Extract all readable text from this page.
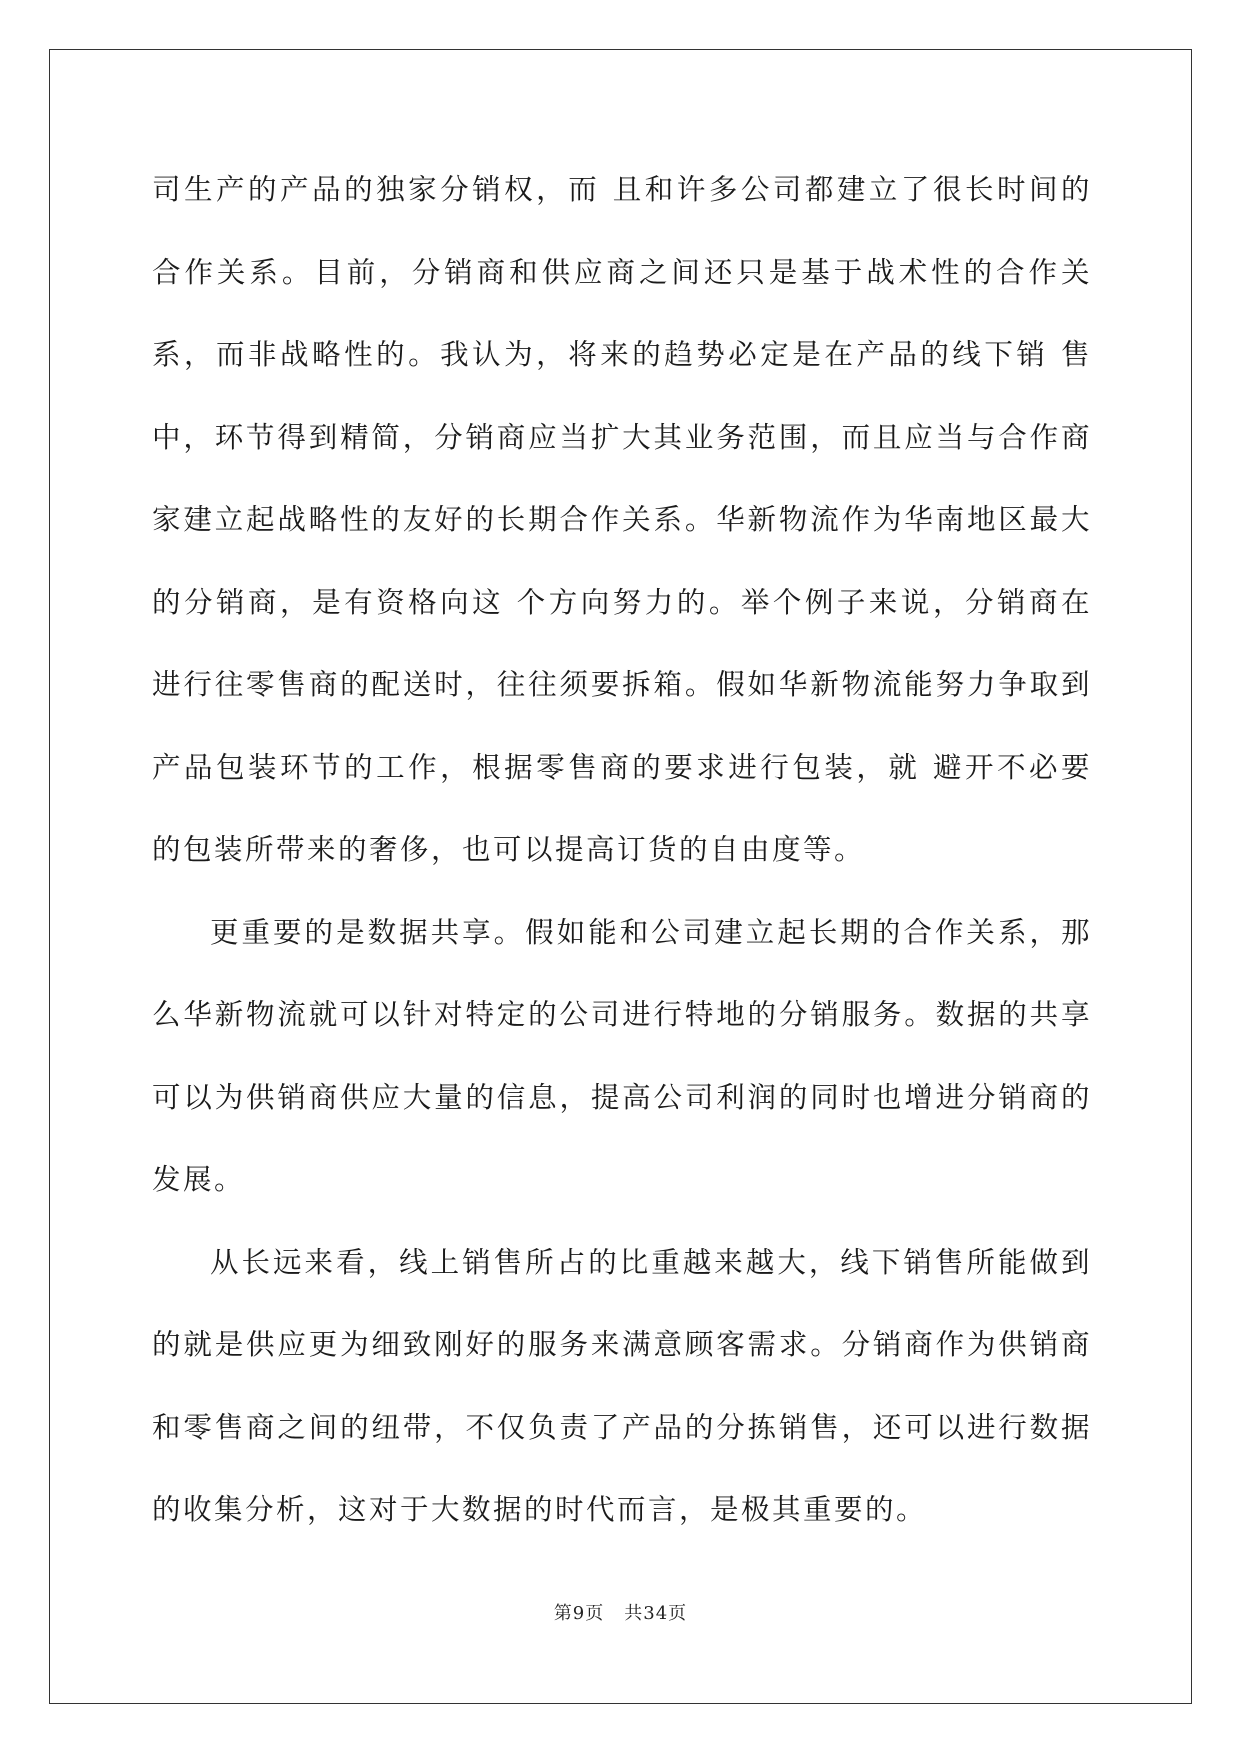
司生产的产品的独家分销权，而 且和许多公司都建立了很长时间的合作关系。目前，分销商和供应商之间还只是基于战术性的合作关系，而非战略性的。我认为，将来的趋势必定是在产品的线下销 售中，环节得到精简，分销商应当扩大其业务范围，而且应当与合作商家建立起战略性的友好的长期合作关系。华新物流作为华南地区最大的分销商，是有资格向这 个方向努力的。举个例子来说，分销商在进行往零售商的配送时，往往须要拆箱。假如华新物流能努力争取到产品包装环节的工作，根据零售商的要求进行包装，就 避开不必要的包装所带来的奢侈，也可以提高订货的自由度等。

更重要的是数据共享。假如能和公司建立起长期的合作关系，那么华新物流就可以针对特定的公司进行特地的分销服务。数据的共享可以为供销商供应大量的信息，提高公司利润的同时也增进分销商的发展。

从长远来看，线上销售所占的比重越来越大，线下销售所能做到的就是供应更为细致刚好的服务来满意顾客需求。分销商作为供销商和零售商之间的纽带，不仅负责了产品的分拣销售，还可以进行数据的收集分析，这对于大数据的时代而言，是极其重要的。

第9页 共34页
